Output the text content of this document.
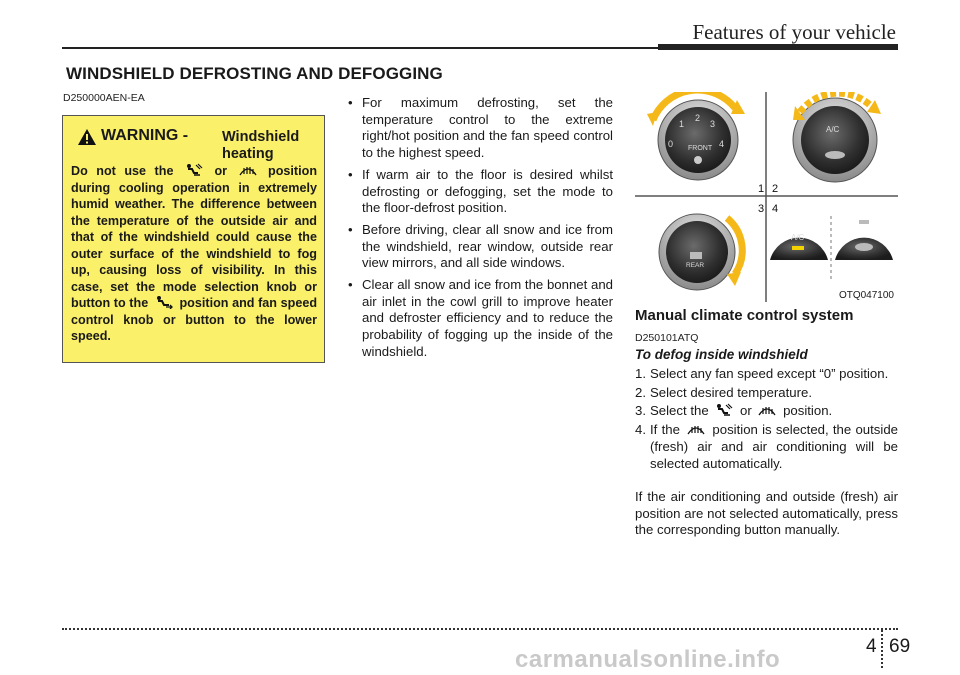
Features of your vehicle
WINDSHIELD DEFROSTING AND DEFOGGING
D250000AEN-EA
WARNING - Windshield heating
Do not use the	or	position during cooling operation in extremely humid weather. The difference between the temperature of the outside air and that of the windshield could cause the outer surface of the windshield to fog up, causing loss of visibility. In this case, set the mode selection knob or button to the position and fan speed control knob or button to the lower speed.
• For maximum defrosting, set the temperature control to the extreme right/hot position and the fan speed control to the highest speed.
• If warm air to the floor is desired whilst defrosting or defogging, set the mode to the floor-defrost position.
• Before driving, clear all snow and ice from the windshield, rear window, outside rear view mirrors, and all side windows.
• Clear all snow and ice from the bonnet and air inlet in the cowl grill to improve heater and defroster efficiency and to reduce the probability of fogging up the inside of the windshield.
0
1
2
3
4
FRONT
A/C
1 2
3 4
REAR
A/C
OTQ047100
Manual climate control system
D250101ATQ
To defog inside windshield
1. Select any fan speed except “0” position.
2. Select desired temperature.
3. Select the or position.
4. If the position is selected, the outside (fresh) air and air conditioning will be selected automatically.
If the air conditioning and outside (fresh) air position are not selected automatically, press the corresponding button manually.
4 69
carmanualsonline.info
